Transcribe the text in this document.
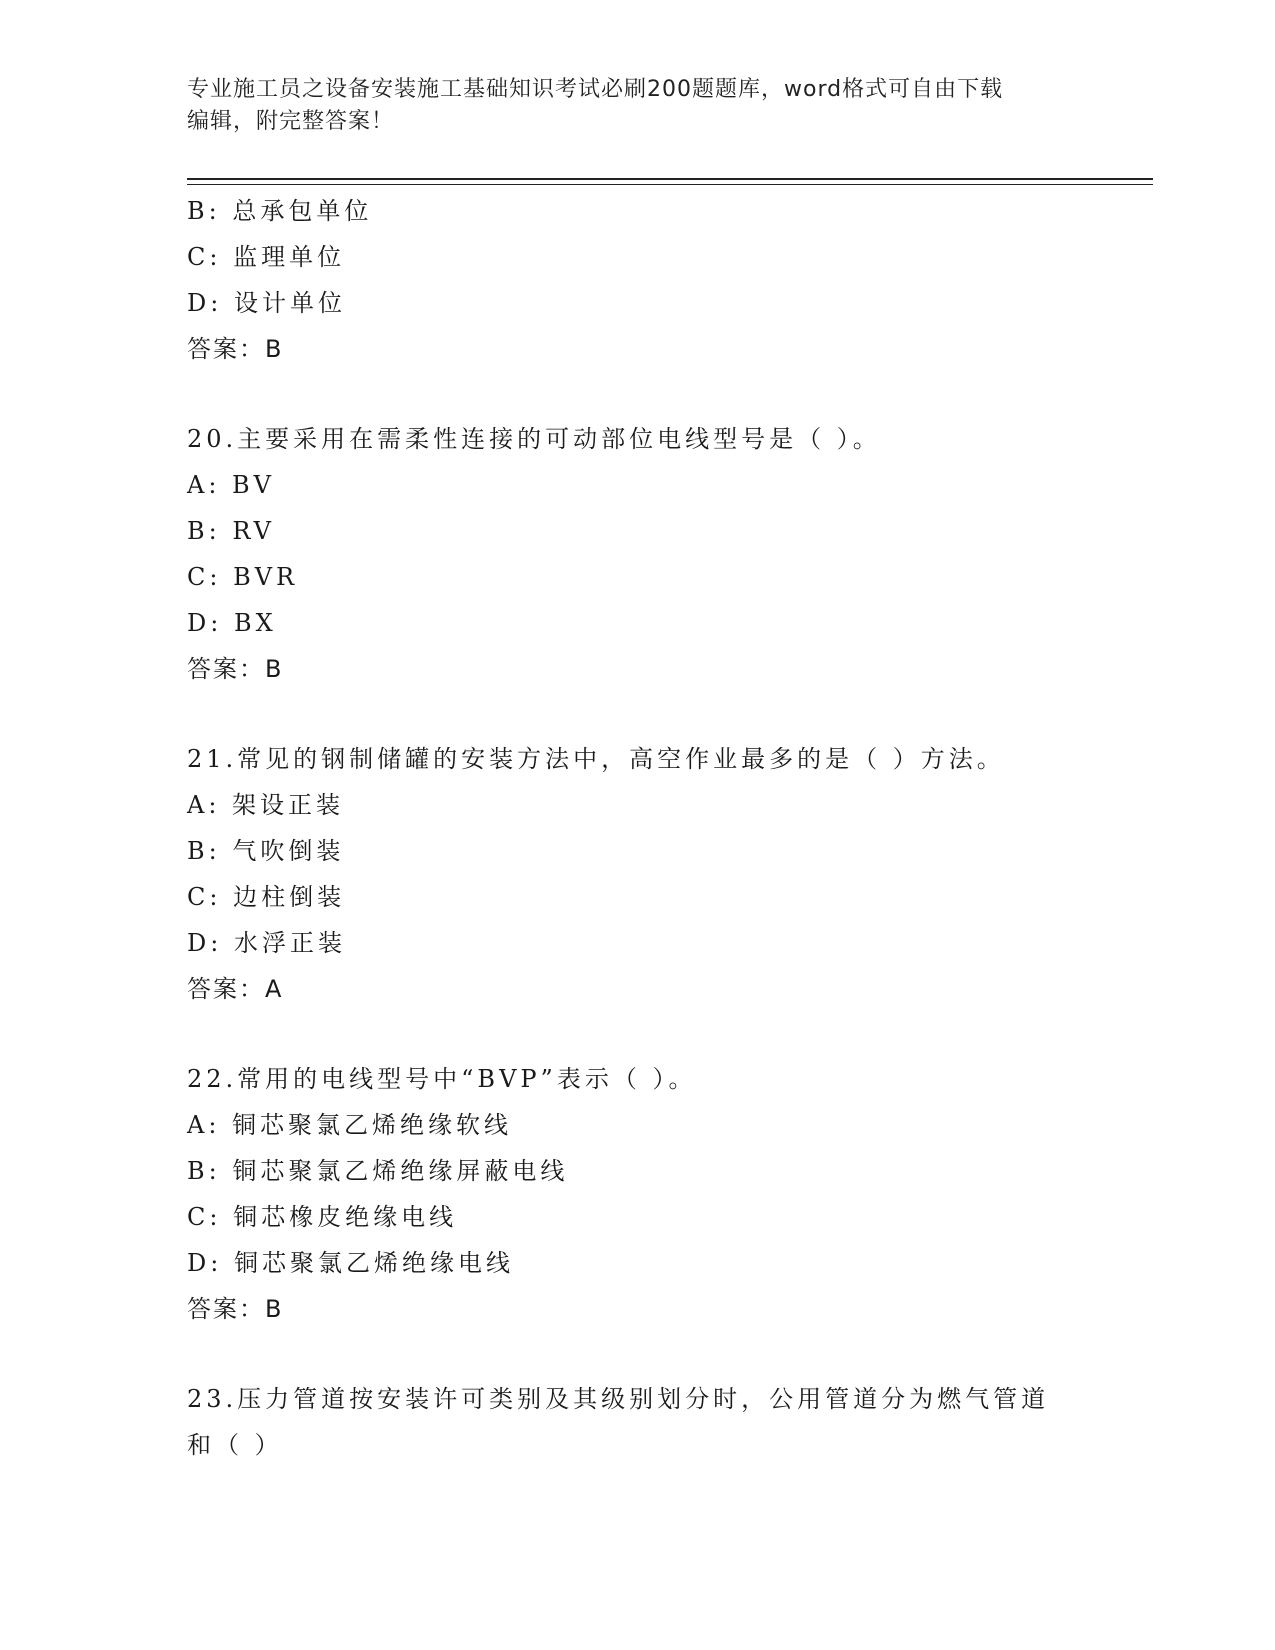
专业施工员之设备安装施工基础知识考试必刷200题题库，word格式可自由下载
编辑，附完整答案！
B: 总承包单位
C: 监理单位
D: 设计单位
答案：B
20.主要采用在需柔性连接的可动部位电线型号是（ ）。
A: BV
B: RV
C: BVR
D: BX
答案：B
21.常见的钢制储罐的安装方法中，高空作业最多的是（ ）方法。
A: 架设正装
B: 气吹倒装
C: 边柱倒装
D: 水浮正装
答案：A
22.常用的电线型号中“BVP”表示（ ）。
A: 铜芯聚氯乙烯绝缘软线
B: 铜芯聚氯乙烯绝缘屏蔽电线
C: 铜芯橡皮绝缘电线
D: 铜芯聚氯乙烯绝缘电线
答案：B
23.压力管道按安装许可类别及其级别划分时，公用管道分为燃气管道
和（ ）
